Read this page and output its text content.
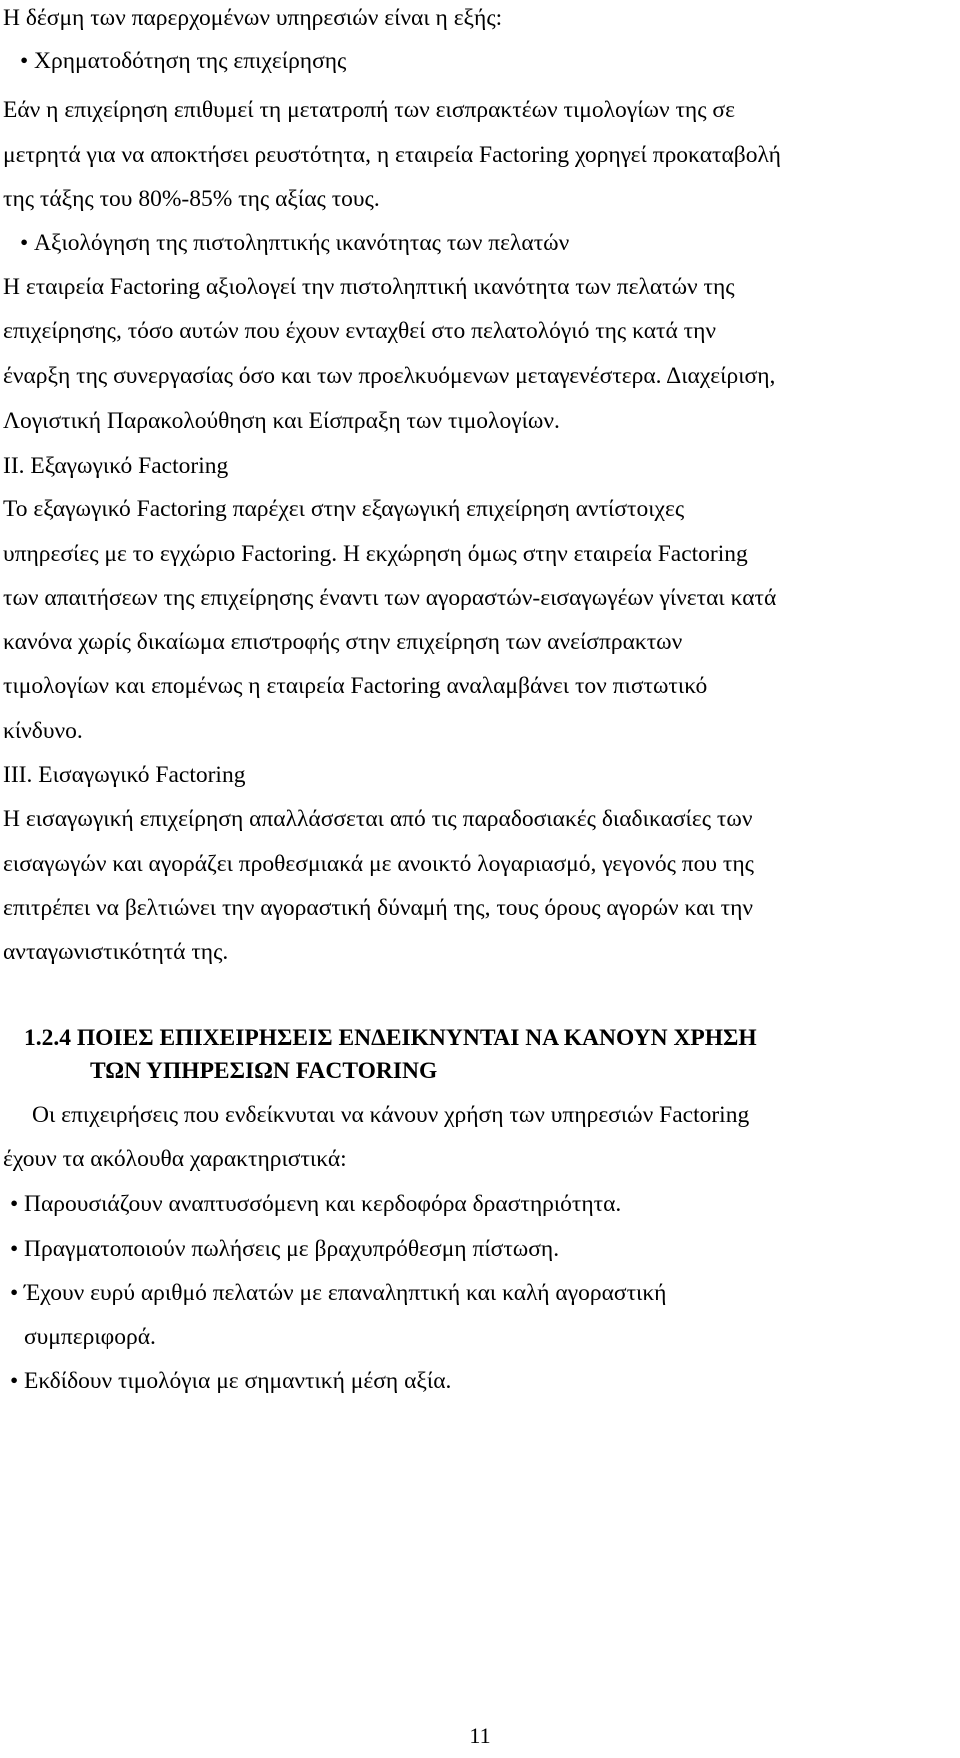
Η δέσμη των παρερχομένων υπηρεσιών είναι η εξής:
• Χρηματοδότηση της επιχείρησης
Εάν η επιχείρηση επιθυμεί τη μετατροπή των εισπρακτέων τιμολογίων της σε
μετρητά για να αποκτήσει ρευστότητα, η εταιρεία Factoring χορηγεί προκαταβολή
της τάξης του 80%-85% της αξίας τους.
• Αξιολόγηση της πιστοληπτικής ικανότητας των πελατών
Η εταιρεία Factoring αξιολογεί την πιστοληπτική ικανότητα των πελατών της
επιχείρησης, τόσο αυτών που έχουν ενταχθεί στο πελατολόγιό της κατά την
έναρξη της συνεργασίας όσο και των προελκυόμενων μεταγενέστερα. Διαχείριση,
Λογιστική Παρακολούθηση και Είσπραξη των τιμολογίων.
ΙΙ. Εξαγωγικό Factoring
Το εξαγωγικό Factoring παρέχει στην εξαγωγική επιχείρηση αντίστοιχες
υπηρεσίες με το εγχώριο Factoring. Η εκχώρηση όμως στην εταιρεία Factoring
των απαιτήσεων της επιχείρησης έναντι των αγοραστών-εισαγωγέων γίνεται κατά
κανόνα χωρίς δικαίωμα επιστροφής στην επιχείρηση των ανείσπρακτων
τιμολογίων και επομένως η εταιρεία Factoring αναλαμβάνει τον πιστωτικό
κίνδυνο.
ΙΙΙ. Εισαγωγικό Factoring
Η εισαγωγική επιχείρηση απαλλάσσεται από τις παραδοσιακές διαδικασίες των
εισαγωγών και αγοράζει προθεσμιακά με ανοικτό λογαριασμό, γεγονός που της
επιτρέπει να βελτιώνει την αγοραστική δύναμή της, τους όρους αγορών και την
ανταγωνιστικότητά της.
1.2.4 ΠΟΙΕΣ ΕΠΙΧΕΙΡΗΣΕΙΣ ΕΝΔΕΙΚΝΥΝΤΑΙ ΝΑ ΚΑΝΟΥΝ ΧΡΗΣΗ
ΤΩΝ ΥΠΗΡΕΣΙΩΝ FACTORING
Οι επιχειρήσεις που ενδείκνυται να κάνουν χρήση των υπηρεσιών Factoring
έχουν τα ακόλουθα χαρακτηριστικά:
• Παρουσιάζουν αναπτυσσόμενη και κερδοφόρα δραστηριότητα.
• Πραγματοποιούν πωλήσεις με βραχυπρόθεσμη πίστωση.
• Έχουν ευρύ αριθμό πελατών με επαναληπτική και καλή αγοραστική
συμπεριφορά.
• Εκδίδουν τιμολόγια με σημαντική μέση αξία.
11
